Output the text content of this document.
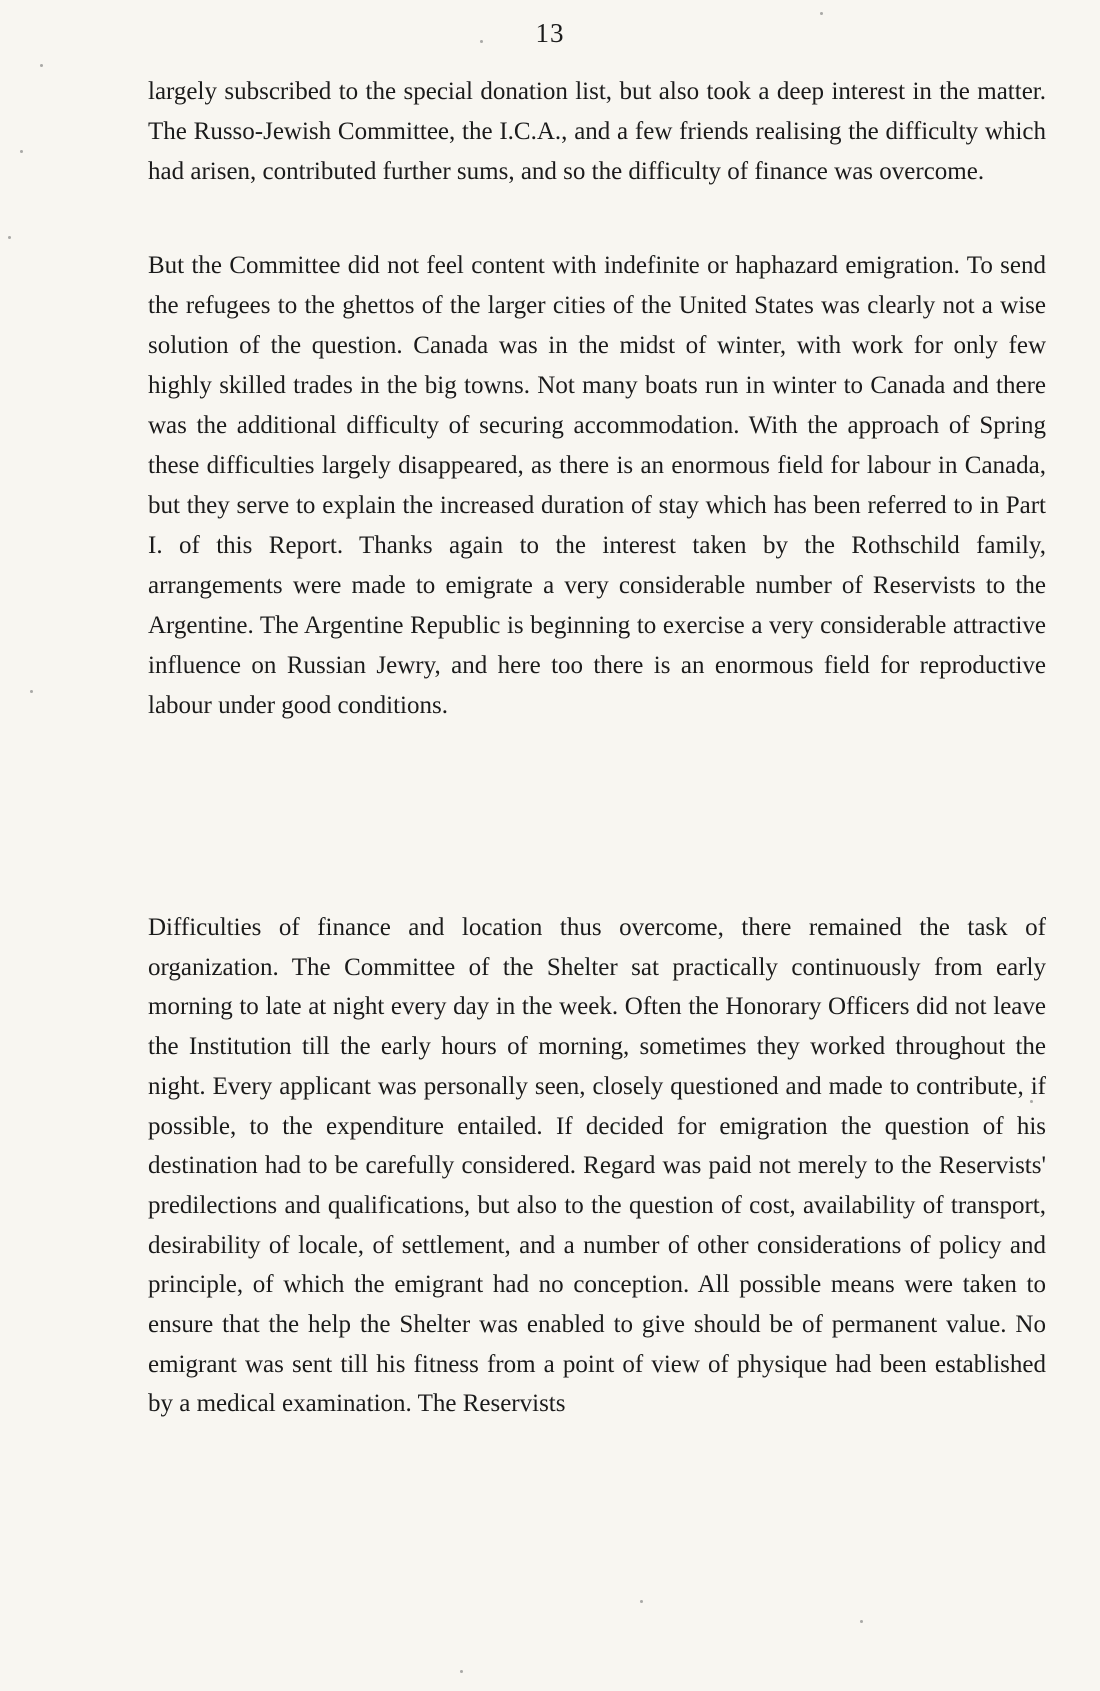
13

largely subscribed to the special donation list, but also took a deep interest in the matter. The Russo-Jewish Committee, the I.C.A., and a few friends realising the difficulty which had arisen, contributed further sums, and so the difficulty of finance was overcome.

But the Committee did not feel content with indefinite or haphazard emigration. To send the refugees to the ghettos of the larger cities of the United States was clearly not a wise solution of the question. Canada was in the midst of winter, with work for only few highly skilled trades in the big towns. Not many boats run in winter to Canada and there was the additional difficulty of securing accommodation. With the approach of Spring these difficulties largely disappeared, as there is an enormous field for labour in Canada, but they serve to explain the increased duration of stay which has been referred to in Part I. of this Report. Thanks again to the interest taken by the Rothschild family, arrangements were made to emigrate a very considerable number of Reservists to the Argentine. The Argentine Republic is beginning to exercise a very considerable attractive influence on Russian Jewry, and here too there is an enormous field for reproductive labour under good conditions.

Difficulties of finance and location thus overcome, there remained the task of organization. The Committee of the Shelter sat practically continuously from early morning to late at night every day in the week. Often the Honorary Officers did not leave the Institution till the early hours of morning, sometimes they worked throughout the night. Every applicant was personally seen, closely questioned and made to contribute, if possible, to the expenditure entailed. If decided for emigration the question of his destination had to be carefully considered. Regard was paid not merely to the Reservists' predilections and qualifications, but also to the question of cost, availability of transport, desirability of locale, of settlement, and a number of other considerations of policy and principle, of which the emigrant had no conception. All possible means were taken to ensure that the help the Shelter was enabled to give should be of permanent value. No emigrant was sent till his fitness from a point of view of physique had been established by a medical examination. The Reservists
